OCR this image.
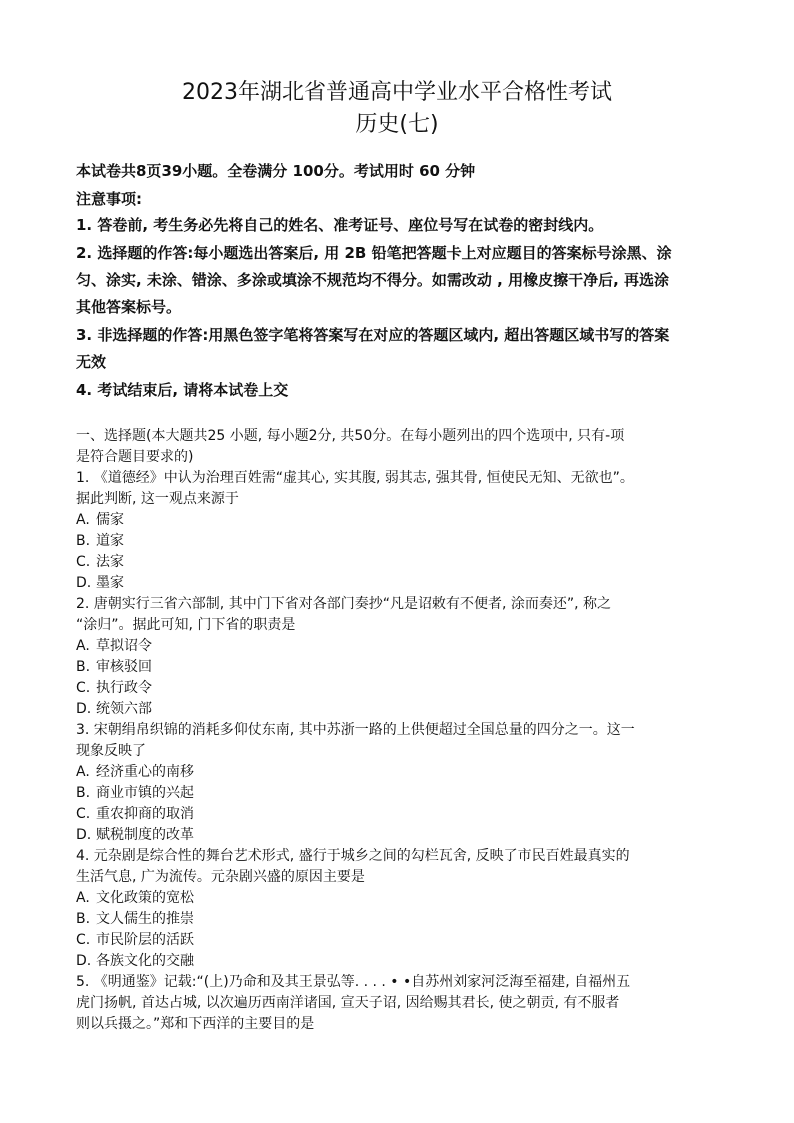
2023年湖北省普通高中学业水平合格性考试
历史(七)
本试卷共8页39小题。全卷满分 100分。考试用时 60 分钟
注意事项:
1. 答卷前, 考生务必先将自己的姓名、准考证号、座位号写在试卷的密封线内。
2. 选择题的作答:每小题选出答案后, 用 2B 铅笔把答题卡上对应题目的答案标号涂黑、涂
匀、涂实, 未涂、错涂、多涂或填涂不规范均不得分。如需改动 , 用橡皮擦干净后, 再选涂
其他答案标号。
3. 非选择题的作答:用黑色签字笔将答案写在对应的答题区域内, 超出答题区域书写的答案
无效
4. 考试结束后, 请将本试卷上交
一、选择题(本大题共25 小题, 每小题2分, 共50分。在每小题列出的四个选项中, 只有-项
是符合题目要求的)
1. 《道德经》中认为治理百姓需“虚其心, 实其腹, 弱其志, 强其骨, 恒使民无知、无欲也”。
据此判断, 这一观点来源于
A. 儒家
B. 道家
C. 法家
D. 墨家
2. 唐朝实行三省六部制, 其中门下省对各部门奏抄“凡是诏敕有不便者, 涂而奏还”, 称之
“涂归”。据此可知, 门下省的职责是
A. 草拟诏令
B. 审核驳回
C. 执行政令
D. 统领六部
3. 宋朝绢帛织锦的消耗多仰仗东南, 其中苏浙一路的上供便超过全国总量的四分之一。这一
现象反映了
A. 经济重心的南移
B. 商业市镇的兴起
C. 重农抑商的取消
D. 赋税制度的改革
4. 元杂剧是综合性的舞台艺术形式, 盛行于城乡之间的勾栏瓦舍, 反映了市民百姓最真实的
生活气息, 广为流传。元杂剧兴盛的原因主要是
A. 文化政策的宽松
B. 文人儒生的推崇
C. 市民阶层的活跃
D. 各族文化的交融
5. 《明通鉴》记载:“(上)乃命和及其王景弘等. . . . • •自苏州刘家河泛海至福建, 自福州五
虎门扬帆, 首达占城, 以次遍历西南洋诸国, 宣天子诏, 因给赐其君长, 使之朝贡, 有不服者
则以兵摄之。”郑和下西洋的主要目的是
